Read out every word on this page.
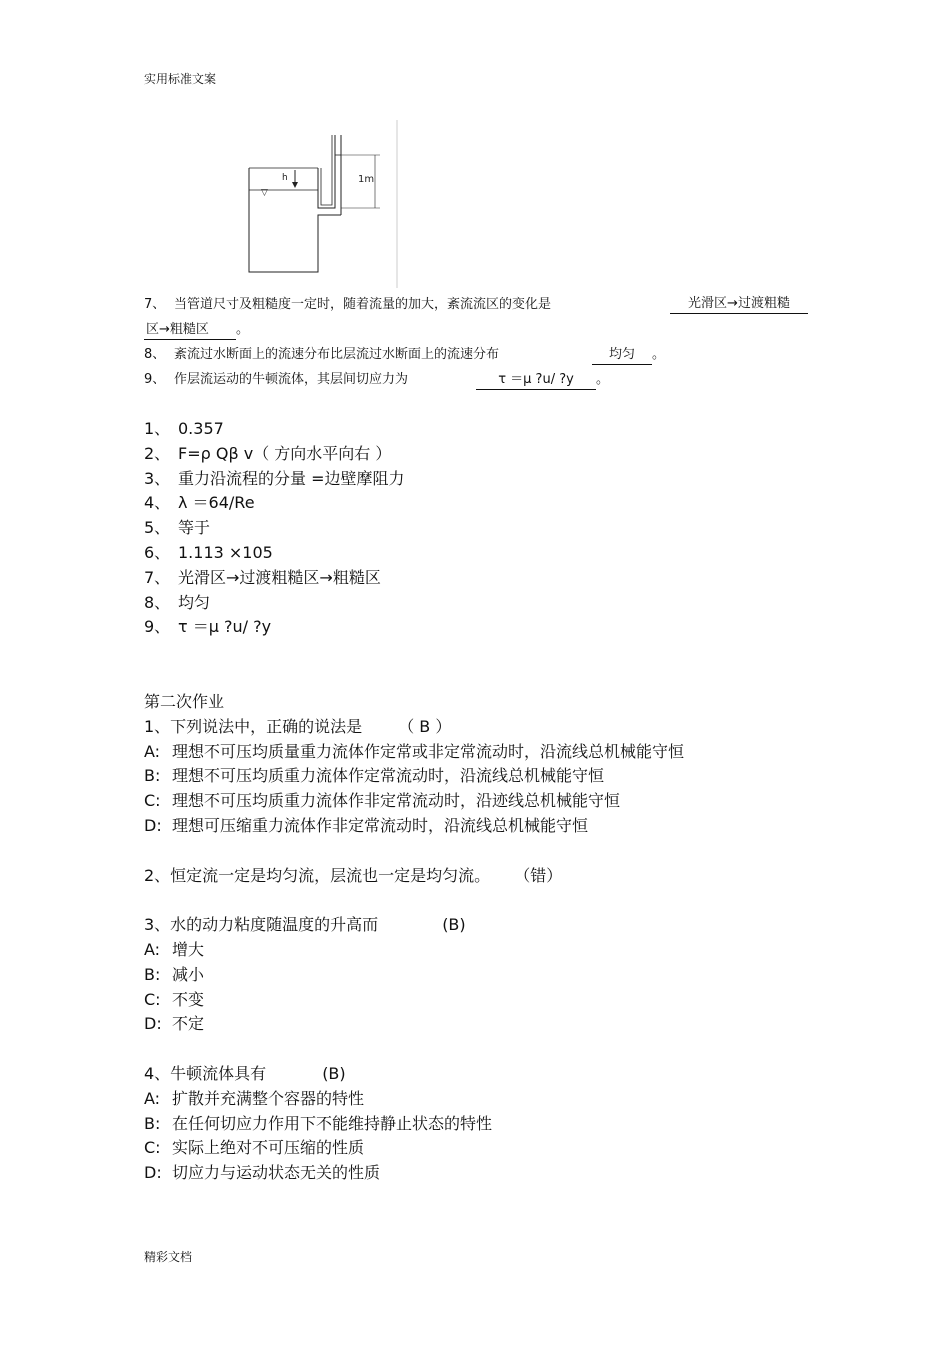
实用标准文案
▽
h	1m
7、 当管道尺寸及粗糙度一定时，随着流量的加大，紊流流区的变化是	光滑区→过渡粗糙
区→粗糙区 。
8、 紊流过水断面上的流速分布比层流过水断面上的流速分布	均匀 。
9、 作层流运动的牛顿流体，其层间切应力为	τ ＝μ ?u/ ?y 。
1、 0.357
2、 F=ρ Qβ v（ 方向水平向右 ）
3、 重力沿流程的分量 =边壁摩阻力
4、 λ ＝64/Re
5、 等于
6、 1.113 ×105
7、 光滑区→过渡粗糙区→粗糙区
8、 均匀
9、 τ ＝μ ?u/ ?y
第二次作业
1、下列说法中，正确的说法是 （ B ）
A: 理想不可压均质量重力流体作定常或非定常流动时，沿流线总机械能守恒
B: 理想不可压均质重力流体作定常流动时，沿流线总机械能守恒
C: 理想不可压均质重力流体作非定常流动时，沿迹线总机械能守恒
D: 理想可压缩重力流体作非定常流动时，沿流线总机械能守恒
2、恒定流一定是均匀流，层流也一定是均匀流。 （错）
3、水的动力粘度随温度的升高而	(B)
A: 增大
B: 减小
C: 不变
D: 不定
4、牛顿流体具有	(B)
A: 扩散并充满整个容器的特性
B: 在任何切应力作用下不能维持静止状态的特性
C: 实际上绝对不可压缩的性质
D: 切应力与运动状态无关的性质
精彩文档
